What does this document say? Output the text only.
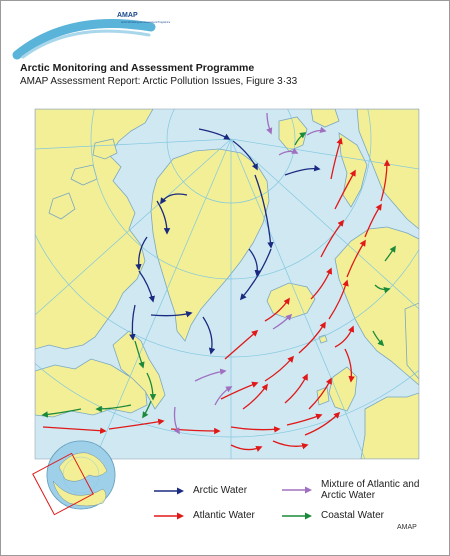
AMAP
Arctic Monitoring and Assessment Programme
Arctic Monitoring and Assessment Programme
AMAP Assessment Report: Arctic Pollution Issues, Figure 3·33
Arctic Water
Atlantic Water
Mixture of Atlantic and Arctic Water
Coastal Water
AMAP
